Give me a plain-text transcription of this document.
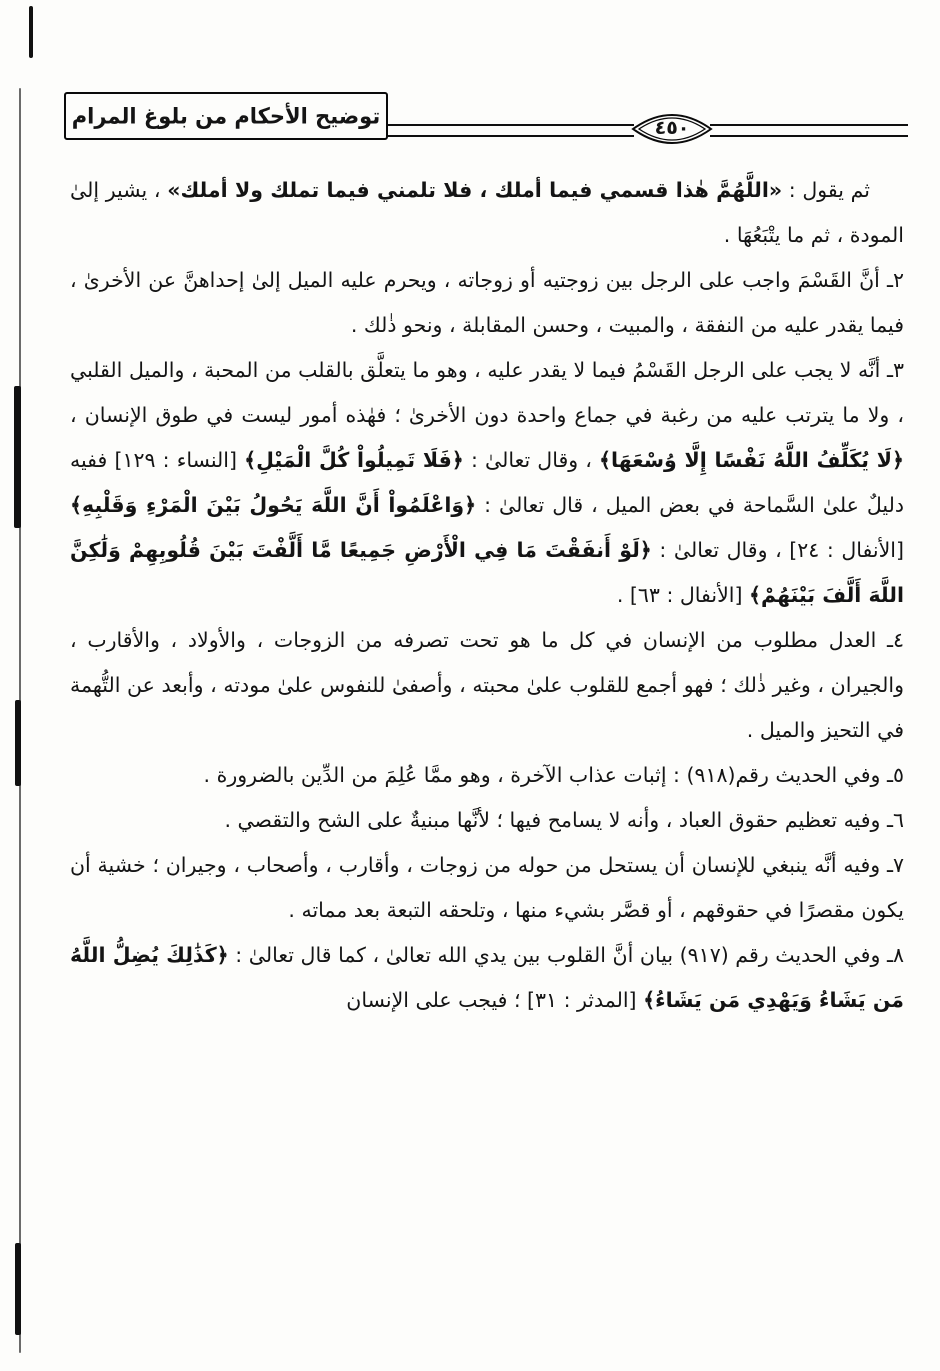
توضيح الأحكام من بلوغ المرام	٤٥٠

ثم يقول : «اللَّهُمَّ هٰذا قسمي فيما أملك ، فلا تلمني فيما تملك ولا أملك» ، يشير إلىٰ المودة ، ثم ما يتْبَعُهَا .

٢ـ أنَّ القَسْمَ واجب على الرجل بين زوجتيه أو زوجاته ، ويحرم عليه الميل إلىٰ إحداهنَّ عن الأخرىٰ ، فيما يقدر عليه من النفقة ، والمبيت ، وحسن المقابلة ، ونحو ذٰلك .

٣ـ أنَّه لا يجب على الرجل القَسْمُ فيما لا يقدر عليه ، وهو ما يتعلَّق بالقلب من المحبة ، والميل القلبي ، ولا ما يترتب عليه من رغبة في جماع واحدة دون الأخرىٰ ؛ فهٰذه أمور ليست في طوق الإنسان ، ﴿لَا يُكَلِّفُ اللَّهُ نَفْسًا إِلَّا وُسْعَهَا﴾ ، وقال تعالىٰ : ﴿فَلَا تَمِيلُواْ كُلَّ الْمَيْلِ﴾ [النساء : ١٢٩] ففيه دليلٌ علىٰ السَّماحة في بعض الميل ، قال تعالىٰ : ﴿وَاعْلَمُواْ أَنَّ اللَّهَ يَحُولُ بَيْنَ الْمَرْءِ وَقَلْبِهِ﴾ [الأنفال : ٢٤] ، وقال تعالىٰ : ﴿لَوْ أَنفَقْتَ مَا فِي الْأَرْضِ جَمِيعًا مَّا أَلَّفْتَ بَيْنَ قُلُوبِهِمْ وَلَٰكِنَّ اللَّهَ أَلَّفَ بَيْنَهُمْ﴾ [الأنفال : ٦٣] .

٤ـ العدل مطلوب من الإنسان في كل ما هو تحت تصرفه من الزوجات ، والأولاد ، والأقارب ، والجيران ، وغير ذٰلك ؛ فهو أجمع للقلوب علىٰ محبته ، وأصفىٰ للنفوس علىٰ مودته ، وأبعد عن التُّهمة في التحيز والميل .

٥ـ وفي الحديث رقم(٩١٨) : إثبات عذاب الآخرة ، وهو ممَّا عُلِمَ من الدِّين بالضرورة .

٦ـ وفيه تعظيم حقوق العباد ، وأنه لا يسامح فيها ؛ لأنَّها مبنيةٌ على الشح والتقصي .

٧ـ وفيه أنَّه ينبغي للإنسان أن يستحل من حوله من زوجات ، وأقارب ، وأصحاب ، وجيران ؛ خشية أن يكون مقصرًا في حقوقهم ، أو قصَّر بشيء منها ، وتلحقه التبعة بعد مماته .

٨ـ وفي الحديث رقم (٩١٧) بيان أنَّ القلوب بين يدي الله تعالىٰ ، كما قال تعالىٰ : ﴿كَذَٰلِكَ يُضِلُّ اللَّهُ مَن يَشَاءُ وَيَهْدِي مَن يَشَاءُ﴾ [المدثر : ٣١] ؛ فيجب على الإنسان
